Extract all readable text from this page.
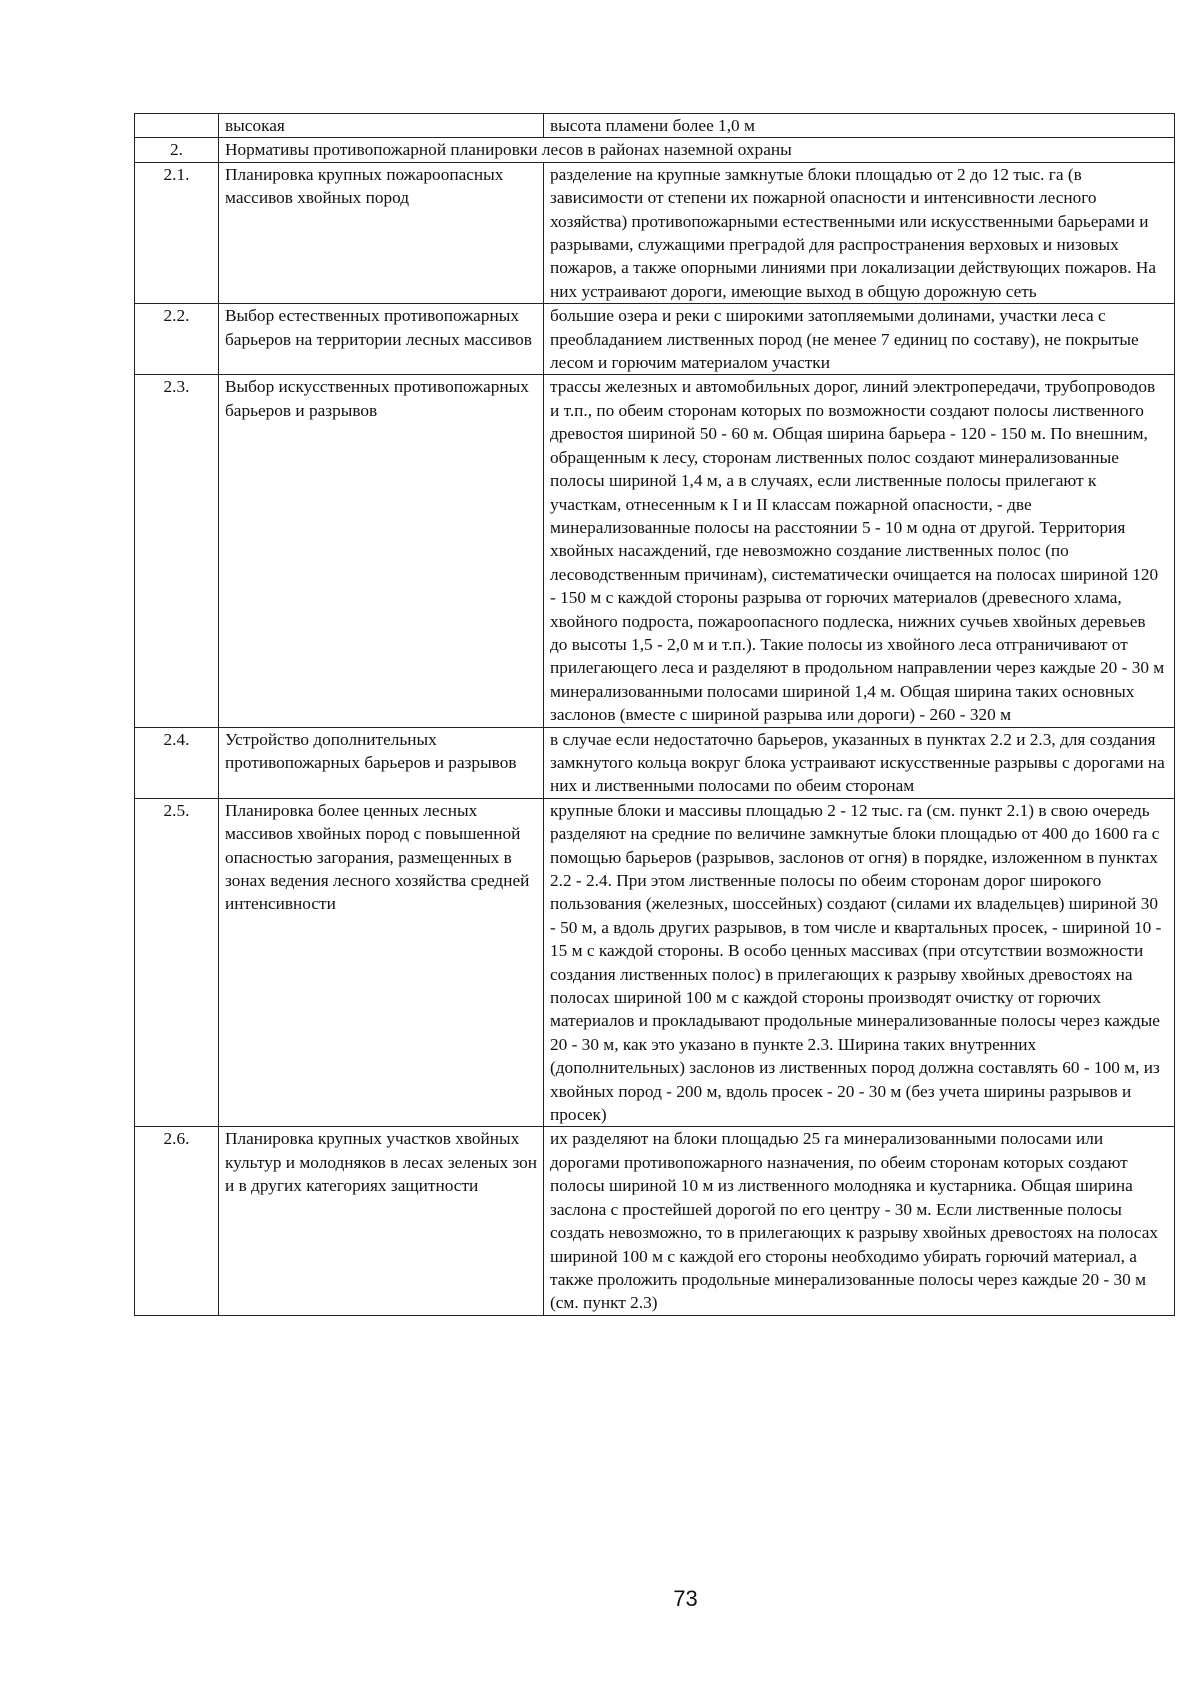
	высокая	высота пламени более 1,0 м
2.	Нормативы противопожарной планировки лесов в районах наземной охраны	
2.1.	Планировка крупных пожароопасных массивов хвойных пород	разделение на крупные замкнутые блоки площадью от 2 до 12 тыс. га (в зависимости от степени их пожарной опасности и интенсивности лесного хозяйства) противопожарными естественными или искусственными барьерами и разрывами, служащими преградой для распространения верховых и низовых пожаров, а также опорными линиями при локализации действующих пожаров. На них устраивают дороги, имеющие выход в общую дорожную сеть
2.2.	Выбор естественных противопожарных барьеров на территории лесных массивов	большие озера и реки с широкими затопляемыми долинами, участки леса с преобладанием лиственных пород (не менее 7 единиц по составу), не покрытые лесом и горючим материалом участки
2.3.	Выбор искусственных противопожарных барьеров и разрывов	трассы железных и автомобильных дорог, линий электропередачи, трубопроводов и т.п., по обеим сторонам которых по возможности создают полосы лиственного древостоя шириной 50 - 60 м. Общая ширина барьера - 120 - 150 м. По внешним, обращенным к лесу, сторонам лиственных полос создают минерализованные полосы шириной 1,4 м, а в случаях, если лиственные полосы прилегают к участкам, отнесенным к I и II классам пожарной опасности, - две минерализованные полосы на расстоянии 5 - 10 м одна от другой. Территория хвойных насаждений, где невозможно создание лиственных полос (по лесоводственным причинам), систематически очищается на полосах шириной 120 - 150 м с каждой стороны разрыва от горючих материалов (древесного хлама, хвойного подроста, пожароопасного подлеска, нижних сучьев хвойных деревьев до высоты 1,5 - 2,0 м и т.п.). Такие полосы из хвойного леса отграничивают от прилегающего леса и разделяют в продольном направлении через каждые 20 - 30 м минерализованными полосами шириной 1,4 м. Общая ширина таких основных заслонов (вместе с шириной разрыва или дороги) - 260 - 320 м
2.4.	Устройство дополнительных противопожарных барьеров и разрывов	в случае если недостаточно барьеров, указанных в пунктах 2.2 и 2.3, для создания замкнутого кольца вокруг блока устраивают искусственные разрывы с дорогами на них и лиственными полосами по обеим сторонам
2.5.	Планировка более ценных лесных массивов хвойных пород с повышенной опасностью загорания, размещенных в зонах ведения лесного хозяйства средней интенсивности	крупные блоки и массивы площадью 2 - 12 тыс. га (см. пункт 2.1) в свою очередь разделяют на средние по величине замкнутые блоки площадью от 400 до 1600 га с помощью барьеров (разрывов, заслонов от огня) в порядке, изложенном в пунктах 2.2 - 2.4. При этом лиственные полосы по обеим сторонам дорог широкого пользования (железных, шоссейных) создают (силами их владельцев) шириной 30 - 50 м, а вдоль других разрывов, в том числе и квартальных просек, - шириной 10 - 15 м с каждой стороны. В особо ценных массивах (при отсутствии возможности создания лиственных полос) в прилегающих к разрыву хвойных древостоях на полосах шириной 100 м с каждой стороны производят очистку от горючих материалов и прокладывают продольные минерализованные полосы через каждые 20 - 30 м, как это указано в пункте 2.3. Ширина таких внутренних (дополнительных) заслонов из лиственных пород должна составлять 60 - 100 м, из хвойных пород - 200 м, вдоль просек - 20 - 30 м (без учета ширины разрывов и просек)
2.6.	Планировка крупных участков хвойных культур и молодняков в лесах зеленых зон и в других категориях защитности	их разделяют на блоки площадью 25 га минерализованными полосами или дорогами противопожарного назначения, по обеим сторонам которых создают полосы шириной 10 м из лиственного молодняка и кустарника. Общая ширина заслона с простейшей дорогой по его центру - 30 м. Если лиственные полосы создать невозможно, то в прилегающих к разрыву хвойных древостоях на полосах шириной 100 м с каждой его стороны необходимо убирать горючий материал, а также проложить продольные минерализованные полосы через каждые 20 - 30 м (см. пункт 2.3)
73
